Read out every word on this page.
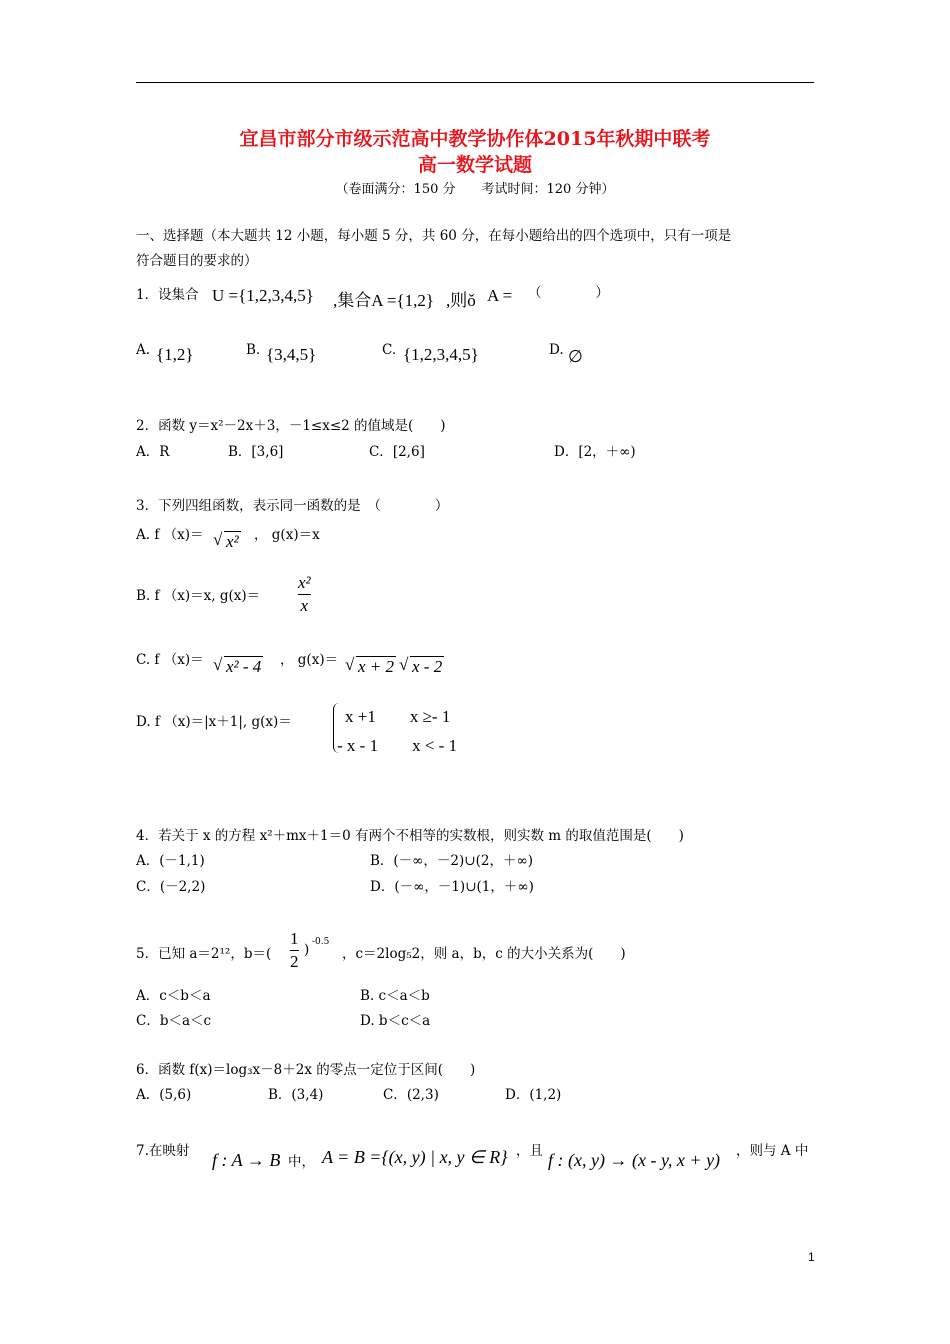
宜昌市部分市级示范高中教学协作体2015年秋期中联考
高一数学试题
（卷面满分：150 分　　考试时间：120 分钟）
一、选择题（本大题共 12 小题，每小题 5 分，共 60 分，在每小题给出的四个选项中，只有一项是
符合题目的要求的）
1．设集合 U ={1,2,3,4,5} ,集合A ={1,2} ,则ǒ A = （　　　　）
A. {1,2}	B. {3,4,5}	C. {1,2,3,4,5}	D. ∅
2．函数 y＝x²－2x＋3，－1≤x≤2 的值域是(　　)
A．R	B．[3,6]	C．[2,6]	D．[2，＋∞)
3．下列四组函数，表示同一函数的是　（　　　　）
A. f （x)＝ √ x² ， g(x)＝x
B. f （x)＝x, $g(x)= \frac{\text{x²}}{x}$
C. f （x)＝ √ x² - 4 ， g(x)＝ √ x + 2 √ x - 2
D. f （x)＝|x＋1|, g(x)＝	x +1　　x ≥- 1
- x - 1　　x < - 1
4．若关于 x 的方程 x²＋mx＋1＝0 有两个不相等的实数根，则实数 m 的取值范围是(　　)
A．(－1,1)	B．(－∞，－2)∪(2，＋∞)
C．(－2,2)	D．(－∞，－1)∪(1，＋∞)
5．已知 a＝2¹²，$b=( \frac{1}{2}$ ) -0.5
，c＝2log₅2，则 a，b，c 的大小关系为(　　)
A．c＜b＜a	B. c＜a＜b
C．b＜a＜c	D. b＜c＜a
6．函数 f(x)＝log₃x－8＋2x 的零点一定位于区间(　　)
A．(5,6)	B．(3,4)	C．(2,3)	D．(1,2)
7.在映射 f : A → B 中， A = B ={(x, y) | x, y ∈ R} ，且 f : (x, y) → (x - y, x + y) ，则与 A 中
1
